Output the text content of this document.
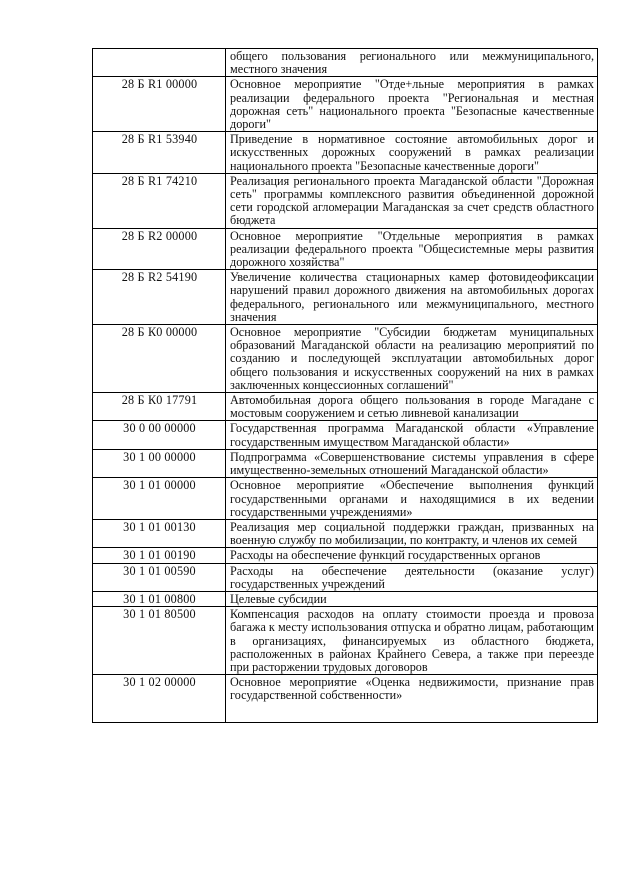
	общего пользования регионального или межмуниципального, местного значения
28 Б R1 00000	Основное мероприятие "Отде+льные мероприятия в рамках реализации федерального проекта "Региональная и местная дорожная сеть" национального проекта "Безопасные качественные дороги"
28 Б R1 53940	Приведение в нормативное состояние автомобильных дорог и искусственных дорожных сооружений в рамках реализации национального проекта "Безопасные качественные дороги"
28 Б R1 74210	Реализация регионального проекта Магаданской области "Дорожная сеть" программы комплексного развития объединенной дорожной сети городской агломерации Магаданская за счет средств областного бюджета
28 Б R2 00000	Основное мероприятие "Отдельные мероприятия в рамках реализации федерального проекта "Общесистемные меры развития дорожного хозяйства"
28 Б R2 54190	Увеличение количества стационарных камер фотовидеофиксации нарушений правил дорожного движения на автомобильных дорогах федерального, регионального или межмуниципального, местного значения
28 Б К0 00000	Основное мероприятие "Субсидии бюджетам муниципальных образований Магаданской области на реализацию мероприятий по созданию и последующей эксплуатации автомобильных дорог общего пользования и искусственных сооружений на них в рамках заключенных концессионных соглашений"
28 Б К0 17791	Автомобильная дорога общего пользования в городе Магадане с мостовым сооружением и сетью ливневой канализации
30 0 00 00000	Государственная программа Магаданской области «Управление государственным имуществом Магаданской области»
30 1 00 00000	Подпрограмма «Совершенствование системы управления в сфере имущественно-земельных отношений Магаданской области»
30 1 01 00000	Основное мероприятие «Обеспечение выполнения функций государственными органами и находящимися в их ведении государственными учреждениями»
30 1 01 00130	Реализация мер социальной поддержки граждан, призванных на военную службу по мобилизации, по контракту, и членов их семей
30 1 01 00190	Расходы на обеспечение функций государственных органов
30 1 01 00590	Расходы на обеспечение деятельности (оказание услуг) государственных учреждений
30 1 01 00800	Целевые субсидии
30 1 01 80500	Компенсация расходов на оплату стоимости проезда и провоза багажа к месту использования отпуска и обратно лицам, работающим в организациях, финансируемых из областного бюджета, расположенных в районах Крайнего Севера, а также при переезде при расторжении трудовых договоров
30 1 02 00000	Основное мероприятие «Оценка недвижимости, признание прав государственной собственности»
